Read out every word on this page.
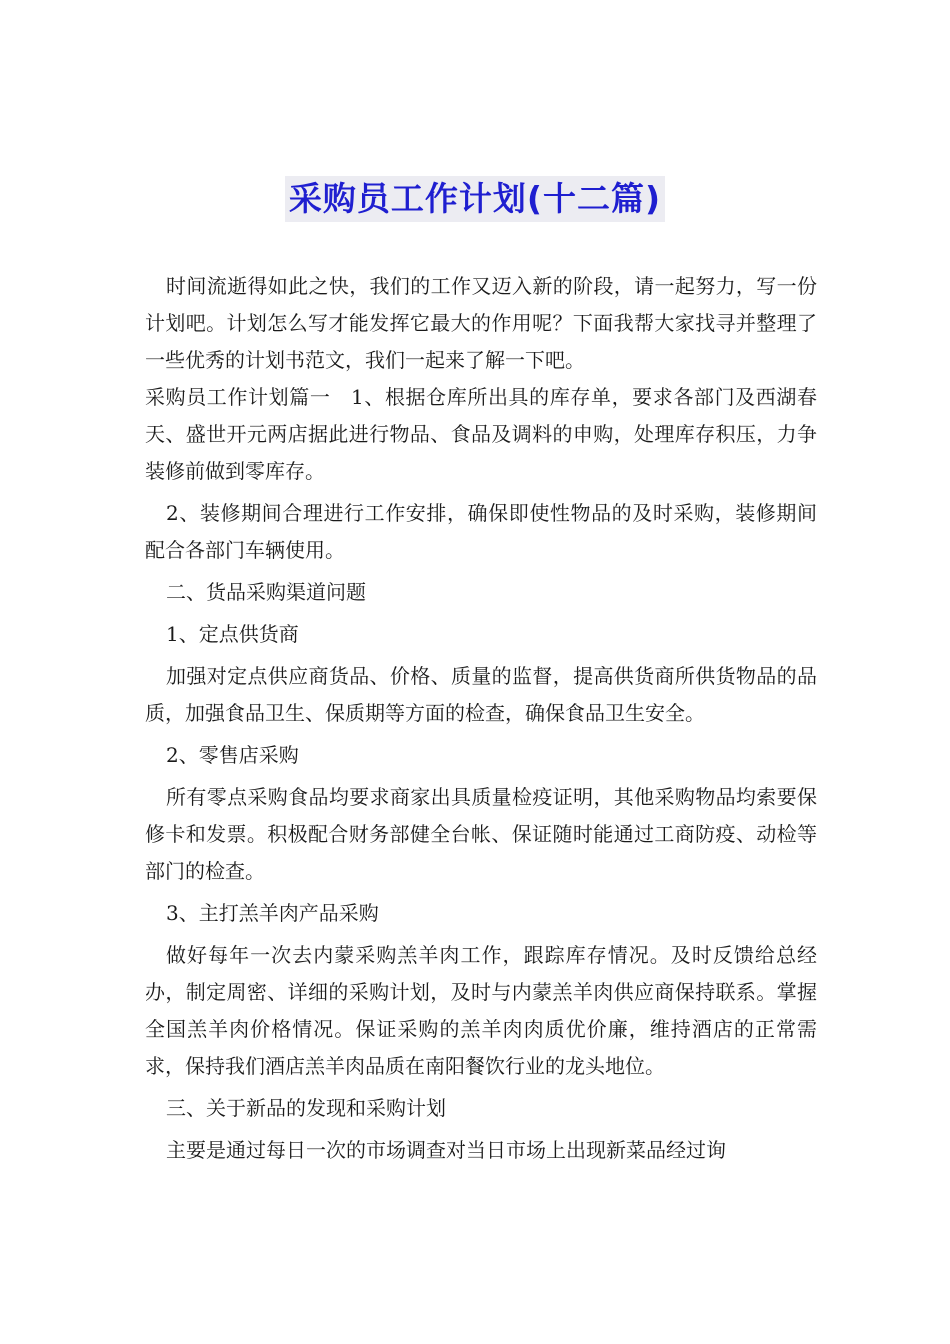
采购员工作计划(十二篇)

时间流逝得如此之快，我们的工作又迈入新的阶段，请一起努力，写一份计划吧。计划怎么写才能发挥它最大的作用呢？下面我帮大家找寻并整理了一些优秀的计划书范文，我们一起来了解一下吧。

采购员工作计划篇一　1、根据仓库所出具的库存单，要求各部门及西湖春天、盛世开元两店据此进行物品、食品及调料的申购，处理库存积压，力争装修前做到零库存。

2、装修期间合理进行工作安排，确保即使性物品的及时采购，装修期间配合各部门车辆使用。

二、货品采购渠道问题

1、定点供货商

加强对定点供应商货品、价格、质量的监督，提高供货商所供货物品的品质，加强食品卫生、保质期等方面的检查，确保食品卫生安全。

2、零售店采购

所有零点采购食品均要求商家出具质量检疫证明，其他采购物品均索要保修卡和发票。积极配合财务部健全台帐、保证随时能通过工商防疫、动检等部门的检查。

3、主打羔羊肉产品采购

做好每年一次去内蒙采购羔羊肉工作，跟踪库存情况。及时反馈给总经办，制定周密、详细的采购计划，及时与内蒙羔羊肉供应商保持联系。掌握全国羔羊肉价格情况。保证采购的羔羊肉肉质优价廉，维持酒店的正常需求，保持我们酒店羔羊肉品质在南阳餐饮行业的龙头地位。

三、关于新品的发现和采购计划

主要是通过每日一次的市场调查对当日市场上出现新菜品经过询
